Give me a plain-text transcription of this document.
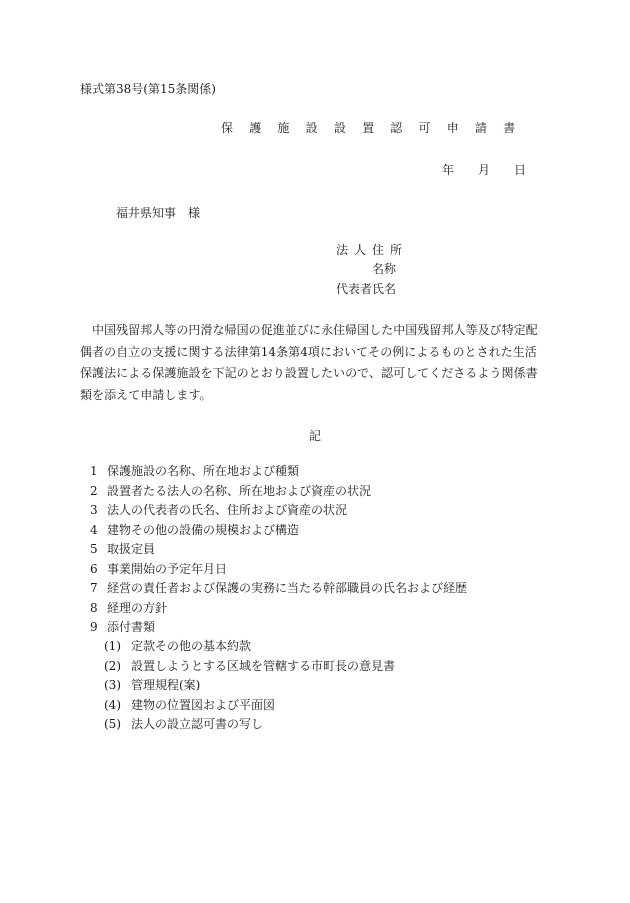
様式第38号(第15条関係)
保 護 施 設 設 置 認 可 申 請 書
年 月 日
福井県知事 様
法人住所
名称
代表者氏名
中国残留邦人等の円滑な帰国の促進並びに永住帰国した中国残留邦人等及び特定配偶者の自立の支援に関する法律第14条第4項においてその例によるものとされた生活保護法による保護施設を下記のとおり設置したいので、認可してくださるよう関係書類を添えて申請します。
記
1 保護施設の名称、所在地および種類
2 設置者たる法人の名称、所在地および資産の状況
3 法人の代表者の氏名、住所および資産の状況
4 建物その他の設備の規模および構造
5 取扱定員
6 事業開始の予定年月日
7 経営の責任者および保護の実務に当たる幹部職員の氏名および経歴
8 経理の方針
9 添付書類
(1) 定款その他の基本約款
(2) 設置しようとする区域を管轄する市町長の意見書
(3) 管理規程(案)
(4) 建物の位置図および平面図
(5) 法人の設立認可書の写し
